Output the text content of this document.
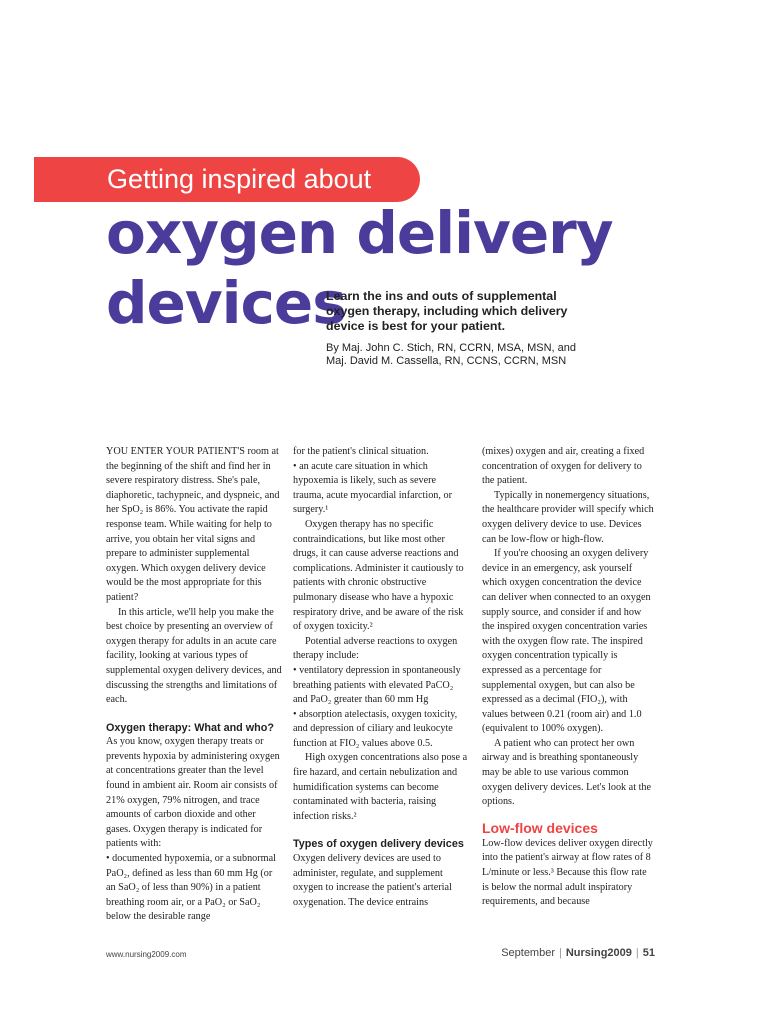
Getting inspired about
oxygen delivery
devices
Learn the ins and outs of supplemental oxygen therapy, including which delivery device is best for your patient.
By Maj. John C. Stich, RN, CCRN, MSA, MSN, and
Maj. David M. Cassella, RN, CCNS, CCRN, MSN

YOU ENTER YOUR PATIENT'S room at the beginning of the shift and find her in severe respiratory distress. She's pale, diaphoretic, tachypneic, and dyspneic, and her SpO₂ is 86%. You activate the rapid response team. While waiting for help to arrive, you obtain her vital signs and prepare to administer supplemental oxygen. Which oxygen delivery device would be the most appropriate for this patient?

In this article, we'll help you make the best choice by presenting an overview of oxygen therapy for adults in an acute care facility, looking at various types of supplemental oxygen delivery devices, and discussing the strengths and limitations of each.

Oxygen therapy: What and who?

As you know, oxygen therapy treats or prevents hypoxia by administering oxygen at concentrations greater than the level found in ambient air. Room air consists of 21% oxygen, 79% nitrogen, and trace amounts of carbon dioxide and other gases. Oxygen therapy is indicated for patients with:

• documented hypoxemia, or a subnormal PaO₂, defined as less than 60 mm Hg (or an SaO₂ of less than 90%) in a patient breathing room air, or a PaO₂ or SaO₂ below the desirable range

for the patient's clinical situation.

• an acute care situation in which hypoxemia is likely, such as severe trauma, acute myocardial infarction, or surgery.¹

Oxygen therapy has no specific contraindications, but like most other drugs, it can cause adverse reactions and complications. Administer it cautiously to patients with chronic obstructive pulmonary disease who have a hypoxic respiratory drive, and be aware of the risk of oxygen toxicity.²

Potential adverse reactions to oxygen therapy include:

• ventilatory depression in spontaneously breathing patients with elevated PaCO₂ and PaO₂ greater than 60 mm Hg

• absorption atelectasis, oxygen toxicity, and depression of ciliary and leukocyte function at FIO₂ values above 0.5.

High oxygen concentrations also pose a fire hazard, and certain nebulization and humidification systems can become contaminated with bacteria, raising infection risks.²

Types of oxygen delivery devices

Oxygen delivery devices are used to administer, regulate, and supplement oxygen to increase the patient's arterial oxygenation. The device entrains

(mixes) oxygen and air, creating a fixed concentration of oxygen for delivery to the patient.

Typically in nonemergency situations, the healthcare provider will specify which oxygen delivery device to use. Devices can be low-flow or high-flow.

If you're choosing an oxygen delivery device in an emergency, ask yourself which oxygen concentration the device can deliver when connected to an oxygen supply source, and consider if and how the inspired oxygen concentration varies with the oxygen flow rate. The inspired oxygen concentration typically is expressed as a percentage for supplemental oxygen, but can also be expressed as a decimal (FIO₂), with values between 0.21 (room air) and 1.0 (equivalent to 100% oxygen).

A patient who can protect her own airway and is breathing spontaneously may be able to use various common oxygen delivery devices. Let's look at the options.

Low-flow devices

Low-flow devices deliver oxygen directly into the patient's airway at flow rates of 8 L/minute or less.³ Because this flow rate is below the normal adult inspiratory requirements, and because

www.nursing2009.com	September | Nursing2009 | 51
